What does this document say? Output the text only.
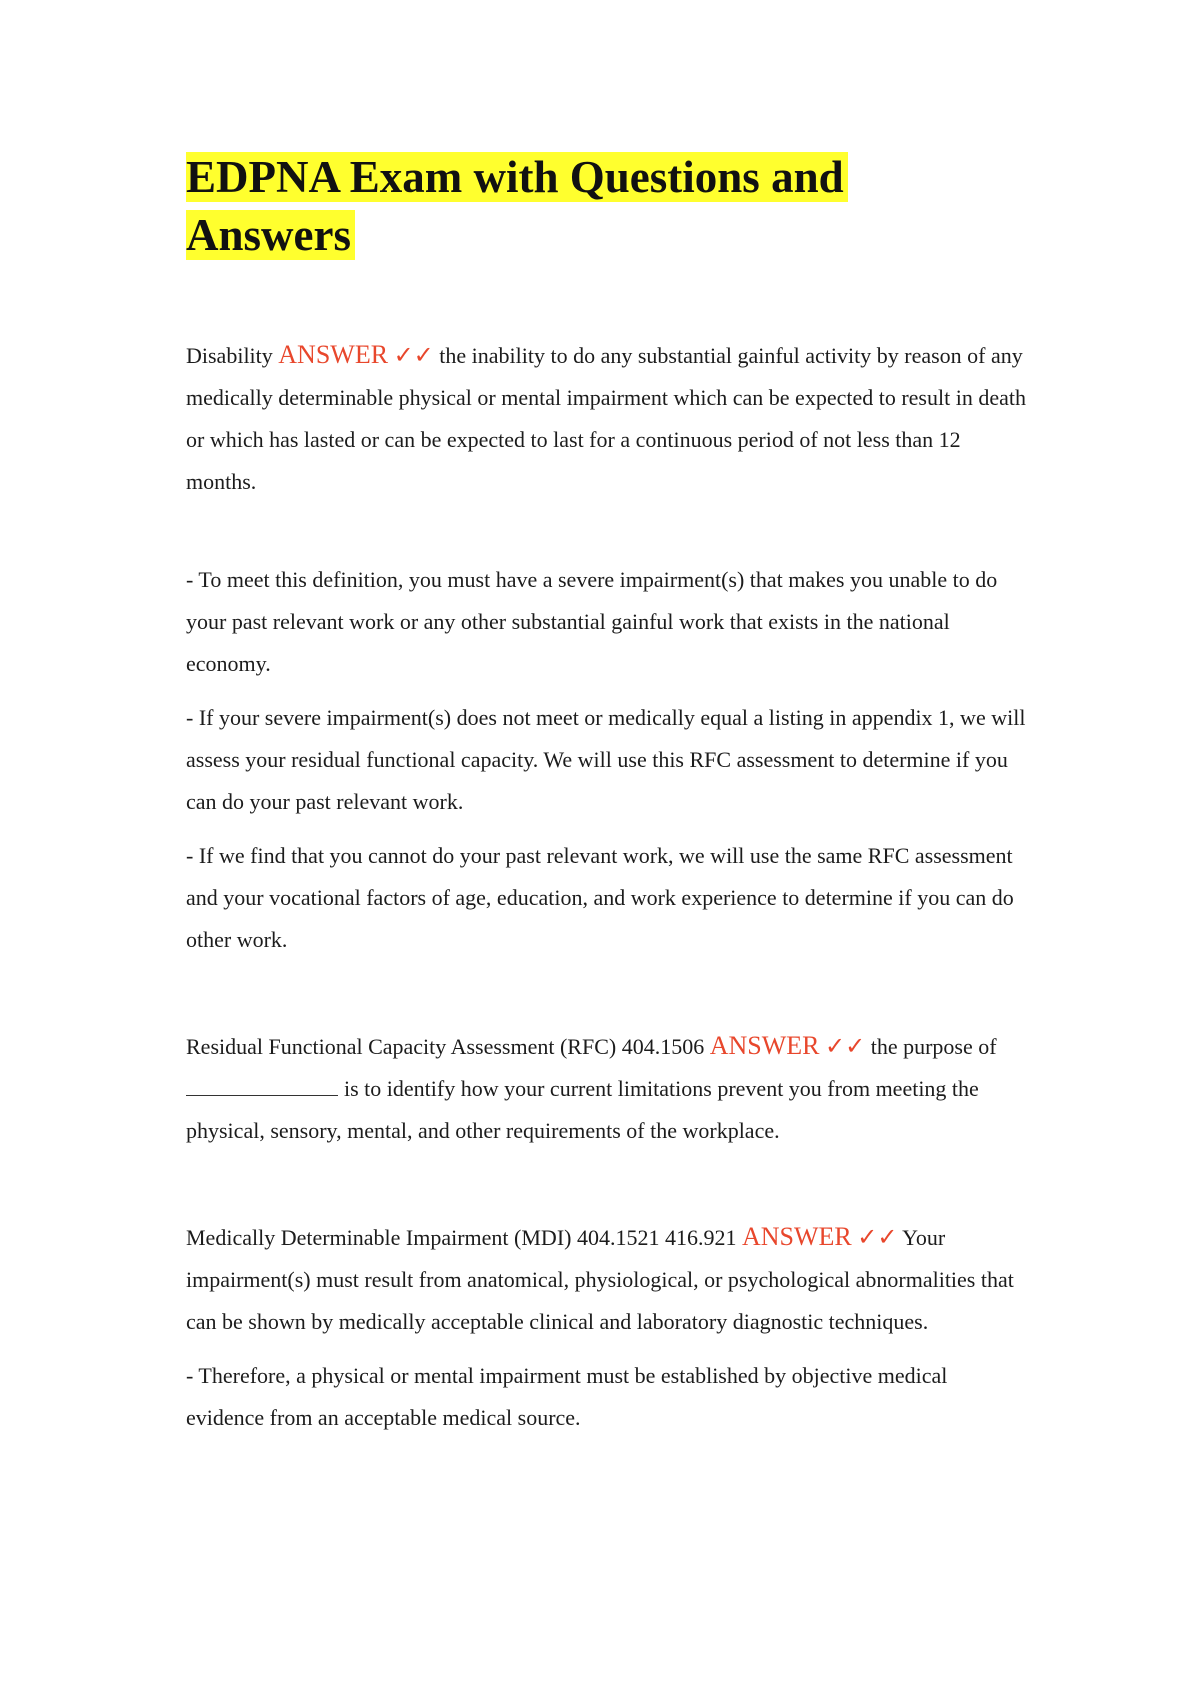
EDPNA Exam with Questions and
Answers

Disability ANSWER ✓✓ the inability to do any substantial gainful activity by reason of any medically determinable physical or mental impairment which can be expected to result in death or which has lasted or can be expected to last for a continuous period of not less than 12 months.

- To meet this definition, you must have a severe impairment(s) that makes you unable to do your past relevant work or any other substantial gainful work that exists in the national economy.

- If your severe impairment(s) does not meet or medically equal a listing in appendix 1, we will assess your residual functional capacity. We will use this RFC assessment to determine if you can do your past relevant work.

- If we find that you cannot do your past relevant work, we will use the same RFC assessment and your vocational factors of age, education, and work experience to determine if you can do other work.

Residual Functional Capacity Assessment (RFC) 404.1506 ANSWER ✓✓ the purpose ofis to identify how your current limitations prevent you from meeting the physical, sensory, mental, and other requirements of the workplace.

Medically Determinable Impairment (MDI) 404.1521 416.921 ANSWER ✓✓ Your impairment(s) must result from anatomical, physiological, or psychological abnormalities that can be shown by medically acceptable clinical and laboratory diagnostic techniques.

- Therefore, a physical or mental impairment must be established by objective medical evidence from an acceptable medical source.
